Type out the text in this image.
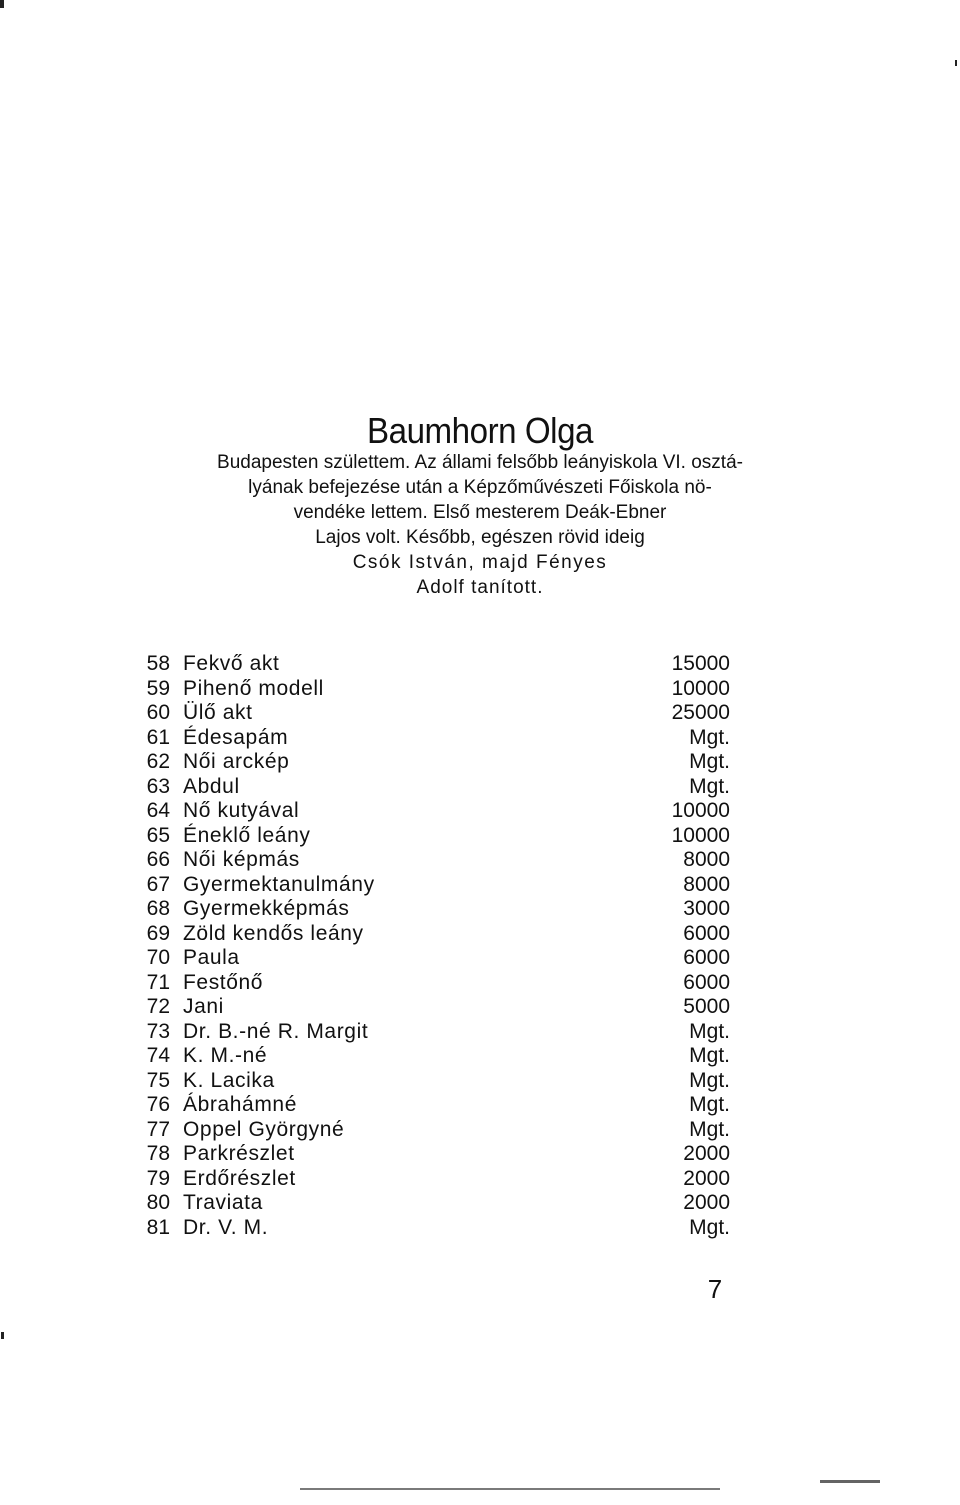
Baumhorn Olga
Budapesten születtem. Az állami felsőbb leányiskola VI. osztá-
lyának befejezése után a Képzőművészeti Főiskola nö-
vendéke lettem. Első mesterem Deák-Ebner
Lajos volt. Később, egészen rövid ideig
Csók István, majd Fényes
Adolf tanított.
58 Fekvő akt	15000
59 Pihenő modell	10000
60 Ülő akt	25000
61 Édesapám	Mgt.
62 Női arckép	Mgt.
63 Abdul	Mgt.
64 Nő kutyával	10000
65 Éneklő leány	10000
66 Női képmás	8000
67 Gyermektanulmány	8000
68 Gyermekképmás	3000
69 Zöld kendős leány	6000
70 Paula	6000
71 Festőnő	6000
72 Jani	5000
73 Dr. B.-né R. Margit	Mgt.
74 K. M.-né	Mgt.
75 K. Lacika	Mgt.
76 Ábrahámné	Mgt.
77 Oppel Györgyné	Mgt.
78 Parkrészlet	2000
79 Erdőrészlet	2000
80 Traviata	2000
81 Dr. V. M.	Mgt.
7
